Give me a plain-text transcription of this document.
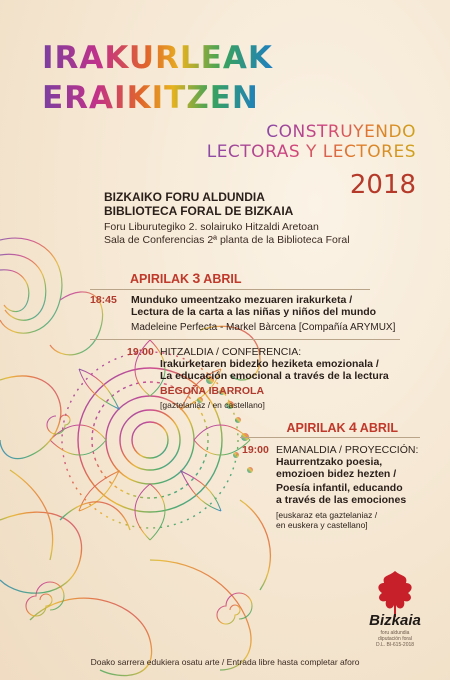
IRAKURLEAK
ERAIKITZEN
CONSTRUYENDO
LECTORAS Y LECTORES
2018
BIZKAIKO FORU ALDUNDIA
BIBLIOTECA FORAL DE BIZKAIA
Foru Liburutegiko 2. solairuko Hitzaldi Aretoan
Sala de Conferencias 2ª planta de la Biblioteca Foral
APIRILAK 3 ABRIL
18:45 Munduko umeentzako mezuaren irakurketa /
Lectura de la carta a las niñas y niños del mundo
Madeleine Perfecta - Markel Bàrcena [Compañía ARYMUX]
19:00 HITZALDIA / CONFERENCIA:
Irakurketaren bidezko heziketa emozionala /
La educación emocional a través de la lectura
BEGOÑA IBARROLA
[gaztelaniaz / en castellano]
APIRILAK 4 ABRIL
19:00 EMANALDIA / PROYECCIÓN:
Haurrentzako poesia,
emozioen bidez hezten /
Poesía infantil, educando
a través de las emociones
[euskaraz eta gaztelaniaz /
en euskera y castellano]
Bizkaia
foru aldundia
diputación foral
D.L. BI-615-2018
Doako sarrera edukiera osatu arte / Entrada libre hasta completar aforo
